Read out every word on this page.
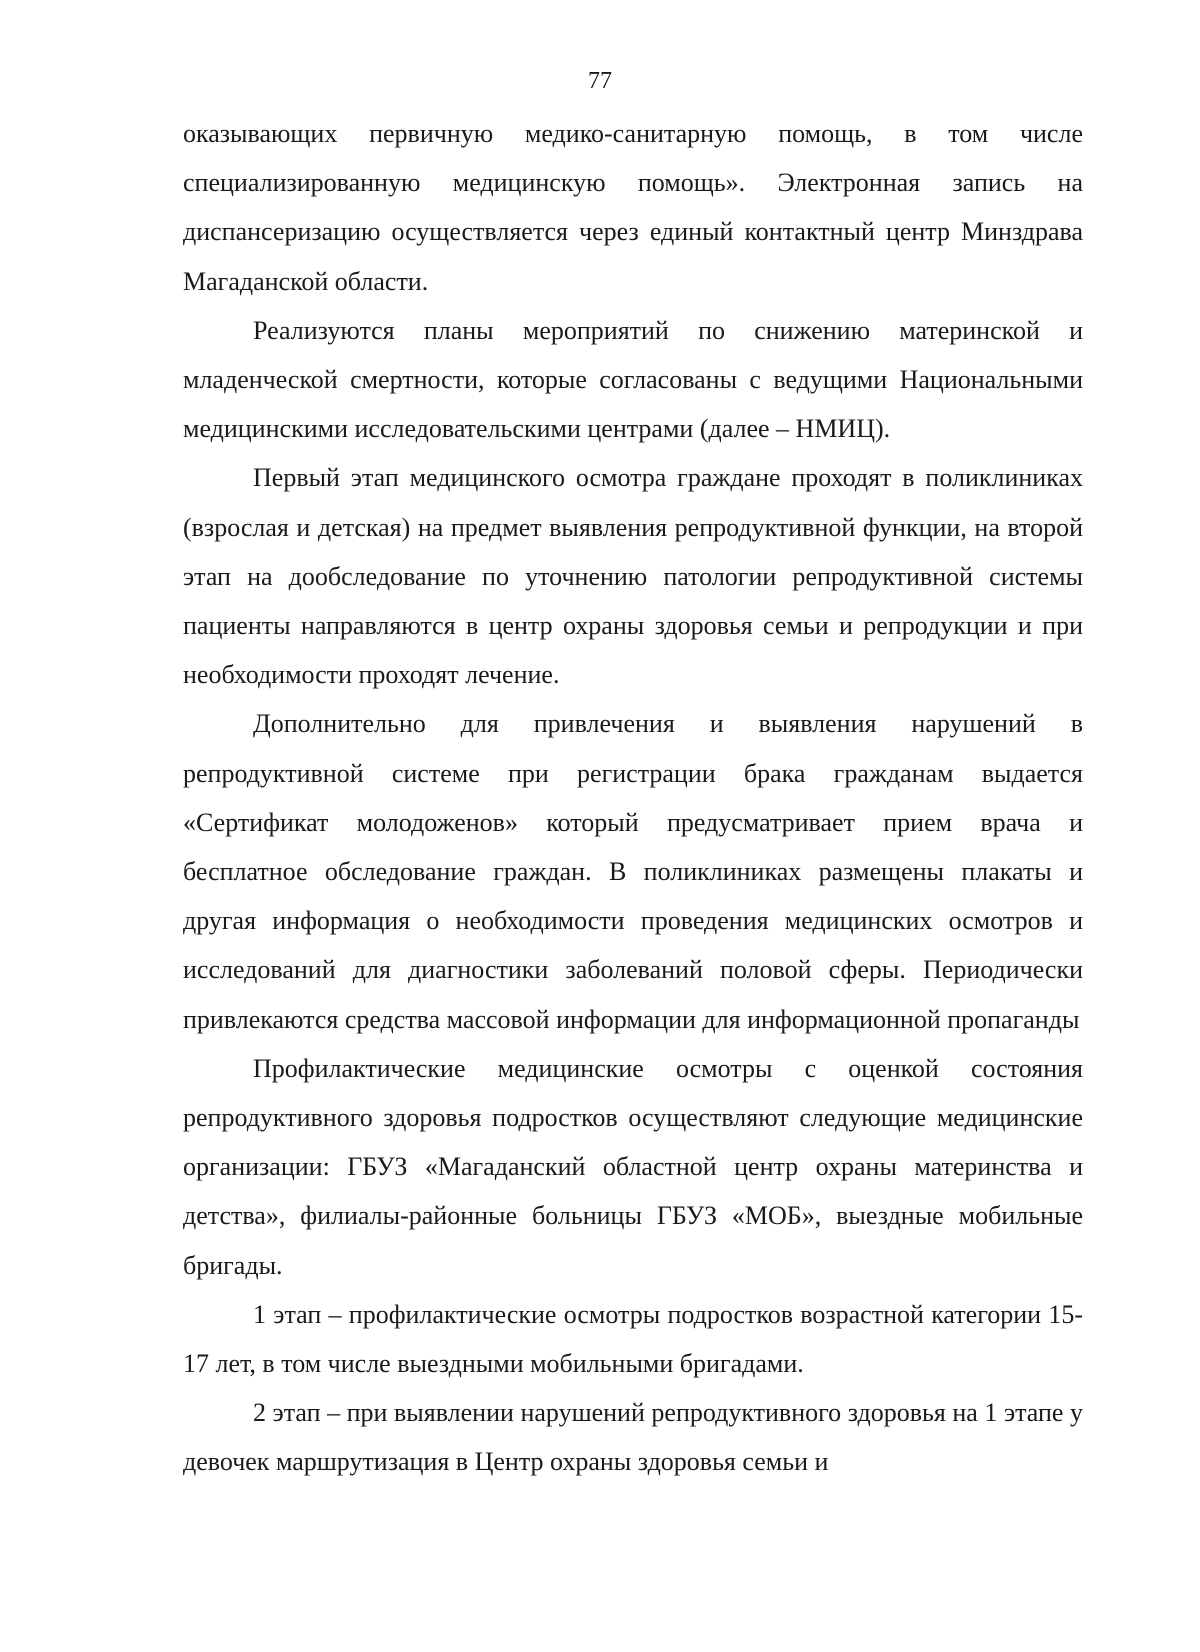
77

оказывающих первичную медико-санитарную помощь, в том числе специализированную медицинскую помощь». Электронная запись на диспансеризацию осуществляется через единый контактный центр Минздрава Магаданской области.

Реализуются планы мероприятий по снижению материнской и младенческой смертности, которые согласованы с ведущими Национальными медицинскими исследовательскими центрами (далее – НМИЦ).

Первый этап медицинского осмотра граждане проходят в поликлиниках (взрослая и детская) на предмет выявления репродуктивной функции, на второй этап на дообследование по уточнению патологии репродуктивной системы пациенты направляются в центр охраны здоровья семьи и репродукции и при необходимости проходят лечение.

Дополнительно для привлечения и выявления нарушений в репродуктивной системе при регистрации брака гражданам выдается «Сертификат молодоженов» который предусматривает прием врача и бесплатное обследование граждан. В поликлиниках размещены плакаты и другая информация о необходимости проведения медицинских осмотров и исследований для диагностики заболеваний половой сферы. Периодически привлекаются средства массовой информации для информационной пропаганды

Профилактические медицинские осмотры с оценкой состояния репродуктивного здоровья подростков осуществляют следующие медицинские организации: ГБУЗ «Магаданский областной центр охраны материнства и детства», филиалы-районные больницы ГБУЗ «МОБ», выездные мобильные бригады.

1 этап – профилактические осмотры подростков возрастной категории 15-17 лет, в том числе выездными мобильными бригадами.

2 этап – при выявлении нарушений репродуктивного здоровья на 1 этапе у девочек маршрутизация в Центр охраны здоровья семьи и
